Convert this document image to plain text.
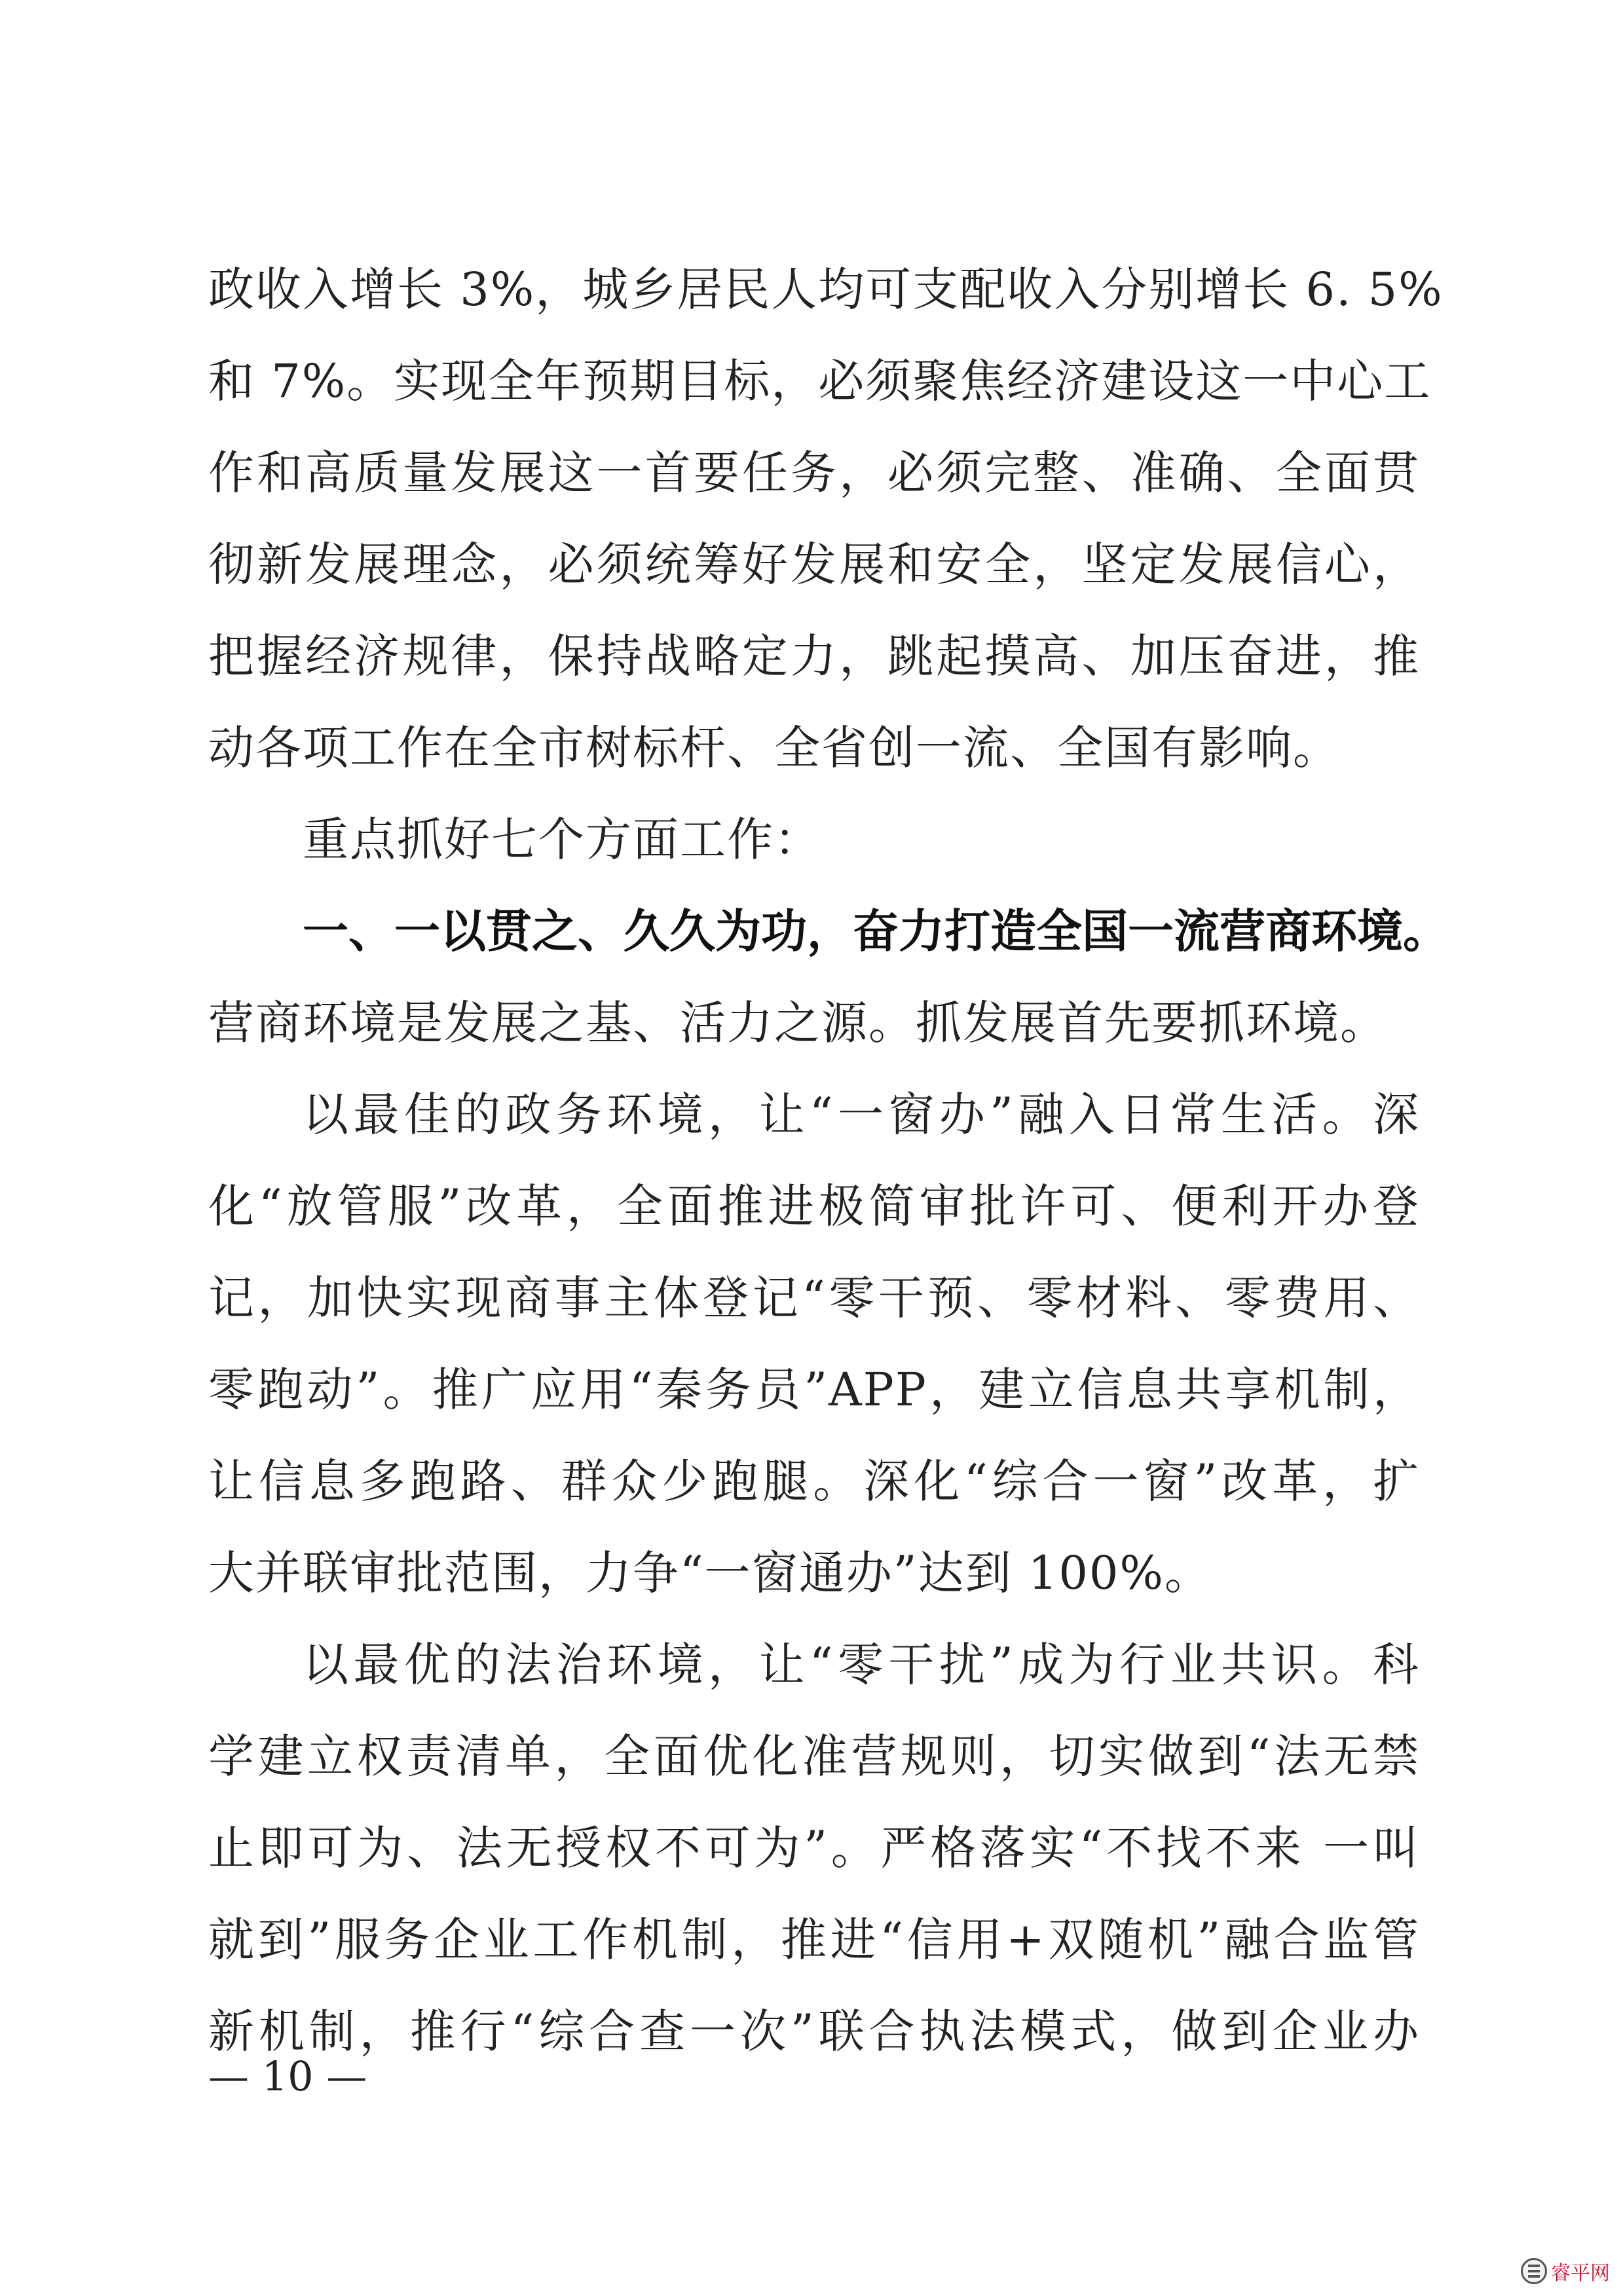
政收入增长 3%，城乡居民人均可支配收入分别增长 6. 5%
和 7%。实现全年预期目标，必须聚焦经济建设这一中心工
作和高质量发展这一首要任务，必须完整、准确、全面贯
彻新发展理念，必须统筹好发展和安全，坚定发展信心，
把握经济规律，保持战略定力，跳起摸高、加压奋进，推
动各项工作在全市树标杆、全省创一流、全国有影响。
重点抓好七个方面工作：
一、一以贯之、久久为功，奋力打造全国一流营商环境。
营商环境是发展之基、活力之源。抓发展首先要抓环境。
以最佳的政务环境，让“一窗办”融入日常生活。深
化“放管服”改革，全面推进极简审批许可、便利开办登
记，加快实现商事主体登记“零干预、零材料、零费用、
零跑动”。推广应用“秦务员”APP，建立信息共享机制，
让信息多跑路、群众少跑腿。深化“综合一窗”改革，扩
大并联审批范围，力争“一窗通办”达到 100%。
以最优的法治环境，让“零干扰”成为行业共识。科
学建立权责清单，全面优化准营规则，切实做到“法无禁
止即可为、法无授权不可为”。严格落实“不找不来 一叫
就到”服务企业工作机制，推进“信用+双随机”融合监管
新机制，推行“综合查一次”联合执法模式，做到企业办
— 10 —
睿平网
